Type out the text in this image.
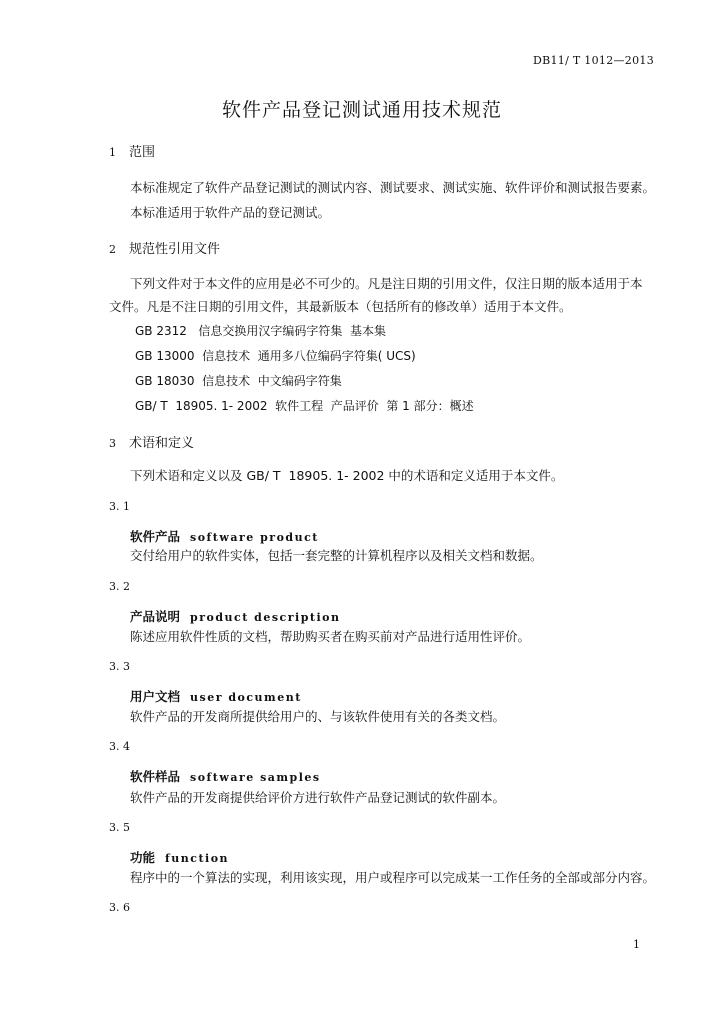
DB11/ T 1012—2013
软件产品登记测试通用技术规范
1 范围
本标准规定了软件产品登记测试的测试内容、测试要求、测试实施、软件评价和测试报告要素。
本标准适用于软件产品的登记测试。
2 规范性引用文件
下列文件对于本文件的应用是必不可少的。凡是注日期的引用文件，仅注日期的版本适用于本
文件。凡是不注日期的引用文件，其最新版本（包括所有的修改单）适用于本文件。
GB 2312   信息交换用汉字编码字符集  基本集
GB 13000  信息技术  通用多八位编码字符集( UCS)
GB 18030  信息技术  中文编码字符集
GB/ T  18905. 1- 2002  软件工程  产品评价  第 1 部分：概述
3 术语和定义
下列术语和定义以及 GB/ T  18905. 1- 2002 中的术语和定义适用于本文件。
3. 1
软件产品 software product
交付给用户的软件实体，包括一套完整的计算机程序以及相关文档和数据。
3. 2
产品说明 product description
陈述应用软件性质的文档，帮助购买者在购买前对产品进行适用性评价。
3. 3
用户文档 user document
软件产品的开发商所提供给用户的、与该软件使用有关的各类文档。
3. 4
软件样品 software samples
软件产品的开发商提供给评价方进行软件产品登记测试的软件副本。
3. 5
功能 function
程序中的一个算法的实现，利用该实现，用户或程序可以完成某一工作任务的全部或部分内容。
3. 6
1
